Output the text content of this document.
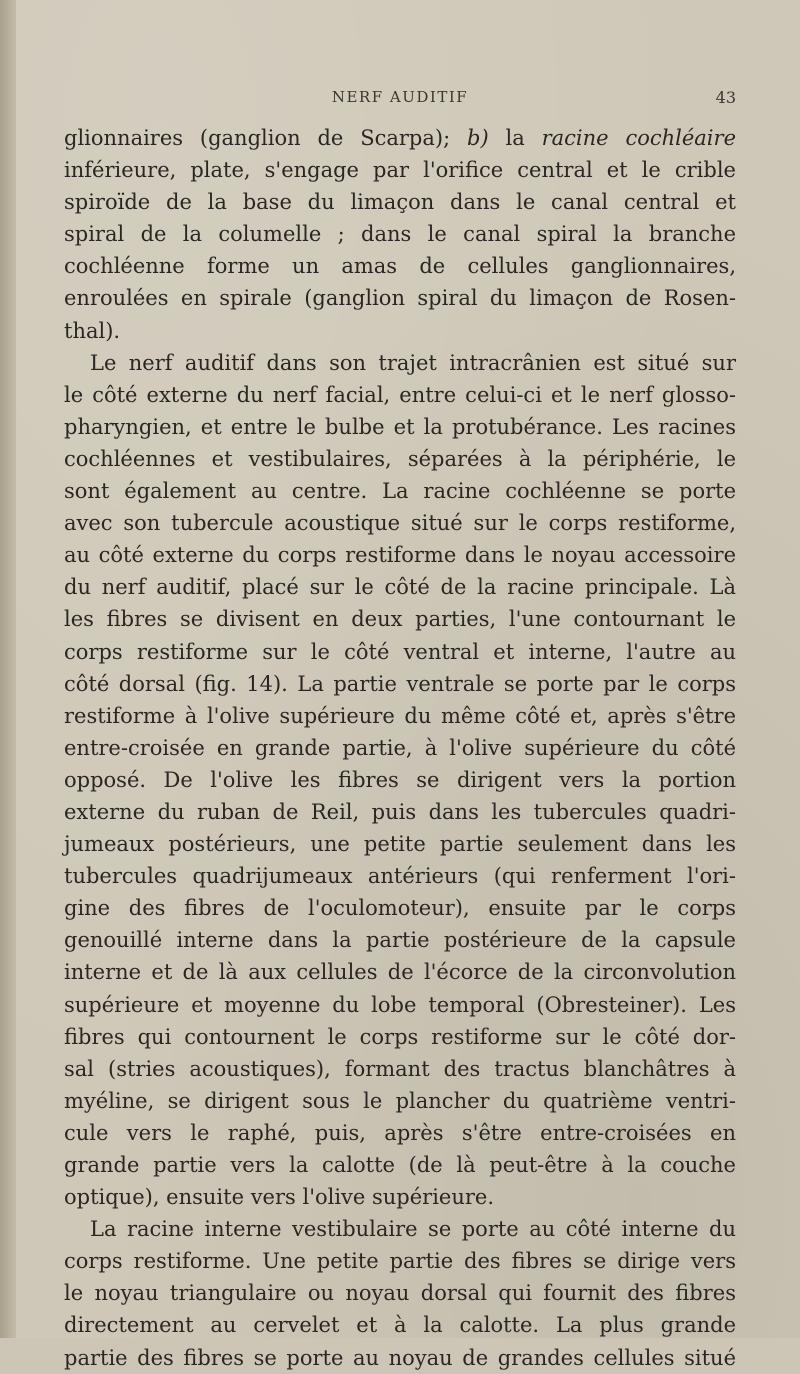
NERF AUDITIF	43
glionnaires (ganglion de Scarpa); b) la racine cochléaire
inférieure, plate, s'engage par l'orifice central et le crible
spiroïde de la base du limaçon dans le canal central et
spiral de la columelle ; dans le canal spiral la branche
cochléenne forme un amas de cellules ganglionnaires,
enroulées en spirale (ganglion spiral du limaçon de Rosen-
thal).
Le nerf auditif dans son trajet intracrânien est situé sur
le côté externe du nerf facial, entre celui-ci et le nerf glosso-
pharyngien, et entre le bulbe et la protubérance. Les racines
cochléennes et vestibulaires, séparées à la périphérie, le
sont également au centre. La racine cochléenne se porte
avec son tubercule acoustique situé sur le corps restiforme,
au côté externe du corps restiforme dans le noyau accessoire
du nerf auditif, placé sur le côté de la racine principale. Là
les fibres se divisent en deux parties, l'une contournant le
corps restiforme sur le côté ventral et interne, l'autre au
côté dorsal (fig. 14). La partie ventrale se porte par le corps
restiforme à l'olive supérieure du même côté et, après s'être
entre-croisée en grande partie, à l'olive supérieure du côté
opposé. De l'olive les fibres se dirigent vers la portion
externe du ruban de Reil, puis dans les tubercules quadri-
jumeaux postérieurs, une petite partie seulement dans les
tubercules quadrijumeaux antérieurs (qui renferment l'ori-
gine des fibres de l'oculomoteur), ensuite par le corps
genouillé interne dans la partie postérieure de la capsule
interne et de là aux cellules de l'écorce de la circonvolution
supérieure et moyenne du lobe temporal (Obresteiner). Les
fibres qui contournent le corps restiforme sur le côté dor-
sal (stries acoustiques), formant des tractus blanchâtres à
myéline, se dirigent sous le plancher du quatrième ventri-
cule vers le raphé, puis, après s'être entre-croisées en
grande partie vers la calotte (de là peut-être à la couche
optique), ensuite vers l'olive supérieure.
La racine interne vestibulaire se porte au côté interne du
corps restiforme. Une petite partie des fibres se dirige vers
le noyau triangulaire ou noyau dorsal qui fournit des fibres
directement au cervelet et à la calotte. La plus grande
partie des fibres se porte au noyau de grandes cellules situé
